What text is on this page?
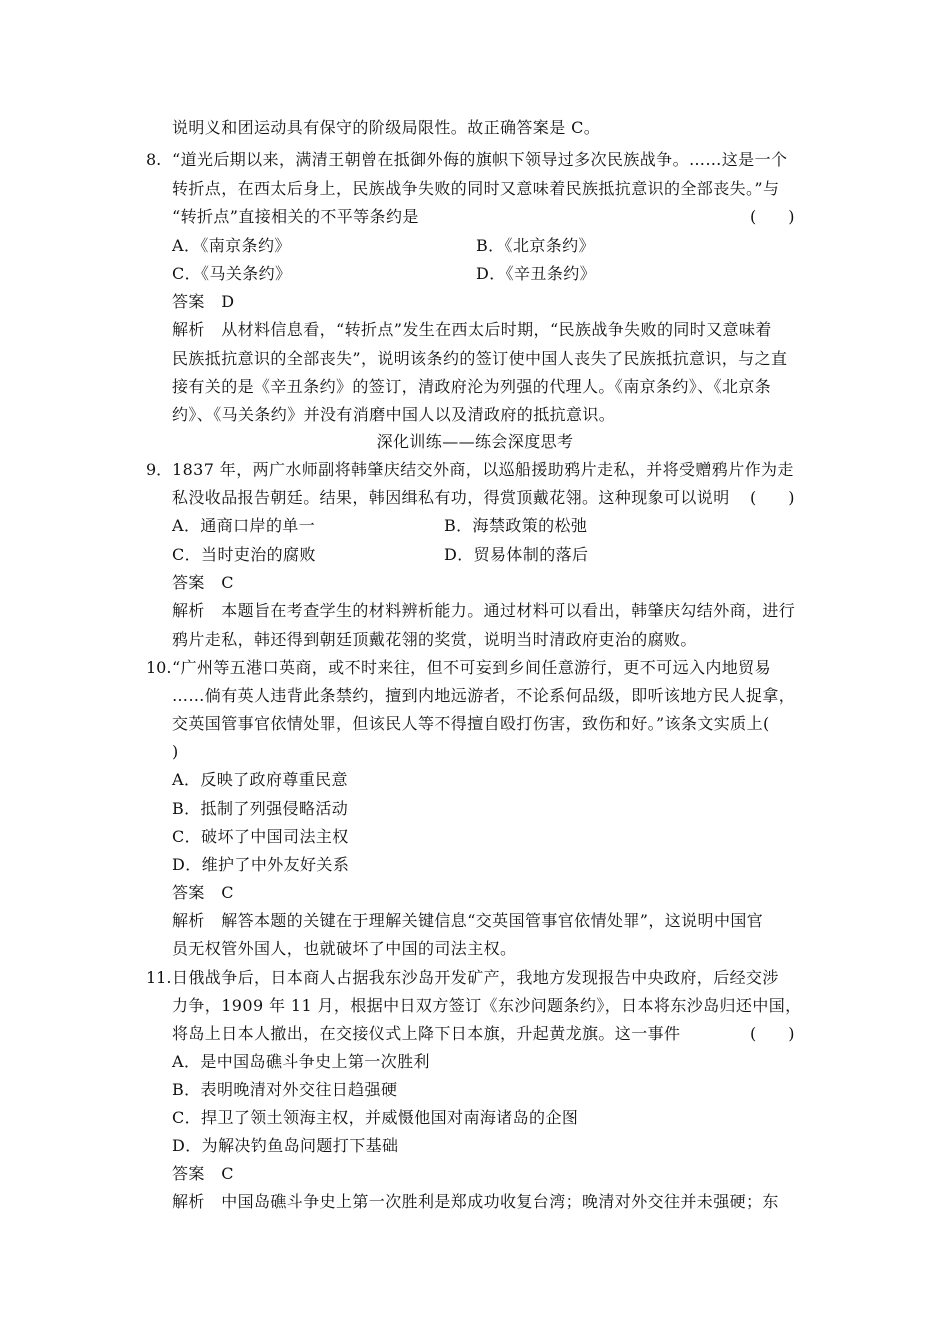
说明义和团运动具有保守的阶级局限性。故正确答案是 C。
8. “道光后期以来，满清王朝曾在抵御外侮的旗帜下领导过多次民族战争。……这是一个
转折点，在西太后身上，民族战争失败的同时又意味着民族抵抗意识的全部丧失。”与
“转折点”直接相关的不平等条约是	(　　)
A．《南京条约》	B．《北京条约》
C．《马关条约》	D．《辛丑条约》
答案　D
解析　从材料信息看，“转折点”发生在西太后时期，“民族战争失败的同时又意味着
民族抵抗意识的全部丧失”，说明该条约的签订使中国人丧失了民族抵抗意识，与之直
接有关的是《辛丑条约》的签订，清政府沦为列强的代理人。《南京条约》、《北京条
约》、《马关条约》并没有消磨中国人以及清政府的抵抗意识。
深化训练——练会深度思考
9． 1837 年，两广水师副将韩肇庆结交外商，以巡船援助鸦片走私，并将受赠鸦片作为走
私没收品报告朝廷。结果，韩因缉私有功，得赏顶戴花翎。这种现象可以说明 (　　)
A．通商口岸的单一	B．海禁政策的松弛
C．当时吏治的腐败	D．贸易体制的落后
答案　C
解析　本题旨在考查学生的材料辨析能力。通过材料可以看出，韩肇庆勾结外商，进行
鸦片走私，韩还得到朝廷顶戴花翎的奖赏，说明当时清政府吏治的腐败。
10. “广州等五港口英商，或不时来往，但不可妄到乡间任意游行，更不可远入内地贸易
……倘有英人违背此条禁约，擅到内地远游者，不论系何品级，即听该地方民人捉拿，
交英国管事官依情处罪，但该民人等不得擅自殴打伤害，致伤和好。”该条文实质上(
)
A．反映了政府尊重民意
B．抵制了列强侵略活动
C．破坏了中国司法主权
D．维护了中外友好关系
答案　C
解析　解答本题的关键在于理解关键信息“交英国管事官依情处罪”，这说明中国官
员无权管外国人，也就破坏了中国的司法主权。
11. 日俄战争后，日本商人占据我东沙岛开发矿产，我地方发现报告中央政府，后经交涉
力争，1909 年 11 月，根据中日双方签订《东沙问题条约》，日本将东沙岛归还中国，
将岛上日本人撤出，在交接仪式上降下日本旗，升起黄龙旗。这一事件	(　　)
A．是中国岛礁斗争史上第一次胜利
B．表明晚清对外交往日趋强硬
C．捍卫了领土领海主权，并威慑他国对南海诸岛的企图
D．为解决钓鱼岛问题打下基础
答案　C
解析　中国岛礁斗争史上第一次胜利是郑成功收复台湾；晚清对外交往并未强硬；东
